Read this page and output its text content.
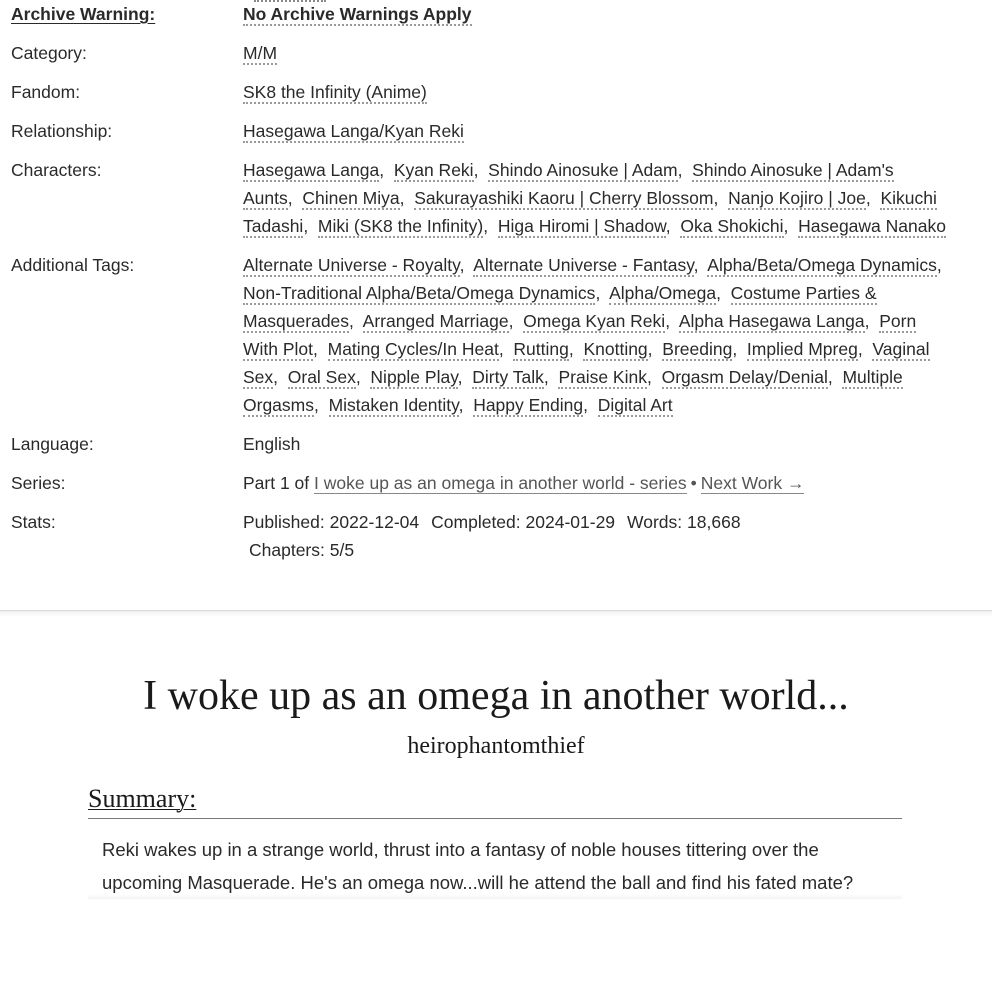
Archive Warning:	No Archive Warnings Apply
Category:	M/M
Fandom:	SK8 the Infinity (Anime)
Relationship:	Hasegawa Langa/Kyan Reki
Characters:	Hasegawa Langa,  Kyan Reki,  Shindo Ainosuke | Adam,  Shindo Ainosuke | Adam's Aunts,  Chinen Miya,  Sakurayashiki Kaoru | Cherry Blossom,  Nanjo Kojiro | Joe,  Kikuchi Tadashi,  Miki (SK8 the Infinity),  Higa Hiromi | Shadow,  Oka Shokichi,  Hasegawa Nanako
Additional Tags:	Alternate Universe - Royalty,  Alternate Universe - Fantasy,  Alpha/Beta/Omega Dynamics,  Non-Traditional Alpha/Beta/Omega Dynamics,  Alpha/Omega,  Costume Parties & Masquerades,  Arranged Marriage,  Omega Kyan Reki,  Alpha Hasegawa Langa,  Porn With Plot,  Mating Cycles/In Heat,  Rutting,  Knotting,  Breeding,  Implied Mpreg,  Vaginal Sex,  Oral Sex,  Nipple Play,  Dirty Talk,  Praise Kink,  Orgasm Delay/Denial,  Multiple Orgasms,  Mistaken Identity,  Happy Ending,  Digital Art
Language:	English
Series:	Part 1 of I woke up as an omega in another world - series • Next Work →
Stats:	Published: 2022-12-04 Completed: 2024-01-29 Words: 18,668
Chapters: 5/5
I woke up as an omega in another world...
heirophantomthief
Summary:

Reki wakes up in a strange world, thrust into a fantasy of noble houses tittering over the upcoming Masquerade. He's an omega now...will he attend the ball and find his fated mate?
